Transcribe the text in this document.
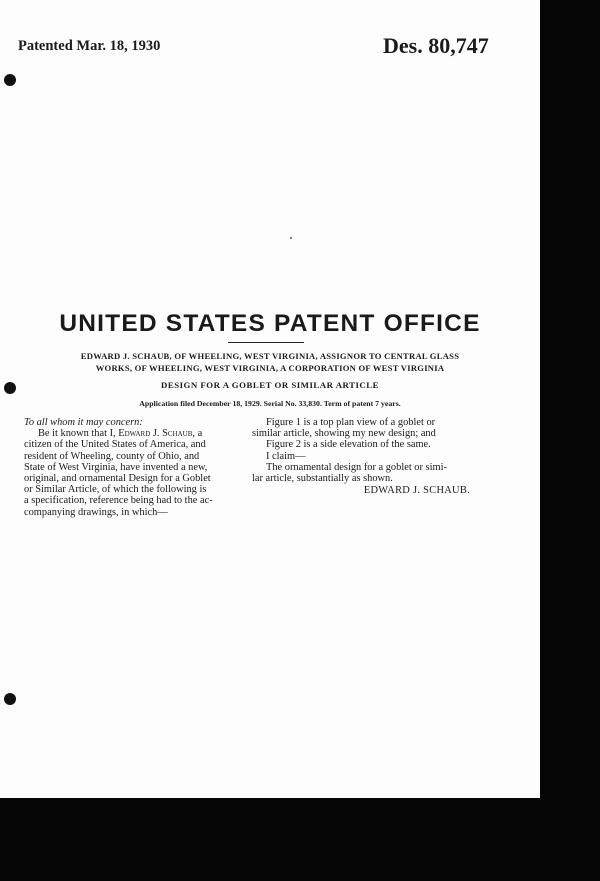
Patented Mar. 18, 1930	Des. 80,747
UNITED STATES PATENT OFFICE
EDWARD J. SCHAUB, OF WHEELING, WEST VIRGINIA, ASSIGNOR TO CENTRAL GLASS
WORKS, OF WHEELING, WEST VIRGINIA, A CORPORATION OF WEST VIRGINIA
DESIGN FOR A GOBLET OR SIMILAR ARTICLE
Application filed December 18, 1929. Serial No. 33,830. Term of patent 7 years.
To all whom it may concern:
Be it known that I, Edward J. Schaub, a
citizen of the United States of America, and
resident of Wheeling, county of Ohio, and
State of West Virginia, have invented a new,
original, and ornamental Design for a Goblet
or Similar Article, of which the following is
a specification, reference being had to the ac-
companying drawings, in which—
Figure 1 is a top plan view of a goblet or
similar article, showing my new design; and
Figure 2 is a side elevation of the same.
I claim—
The ornamental design for a goblet or simi-
lar article, substantially as shown.
EDWARD J. SCHAUB.
